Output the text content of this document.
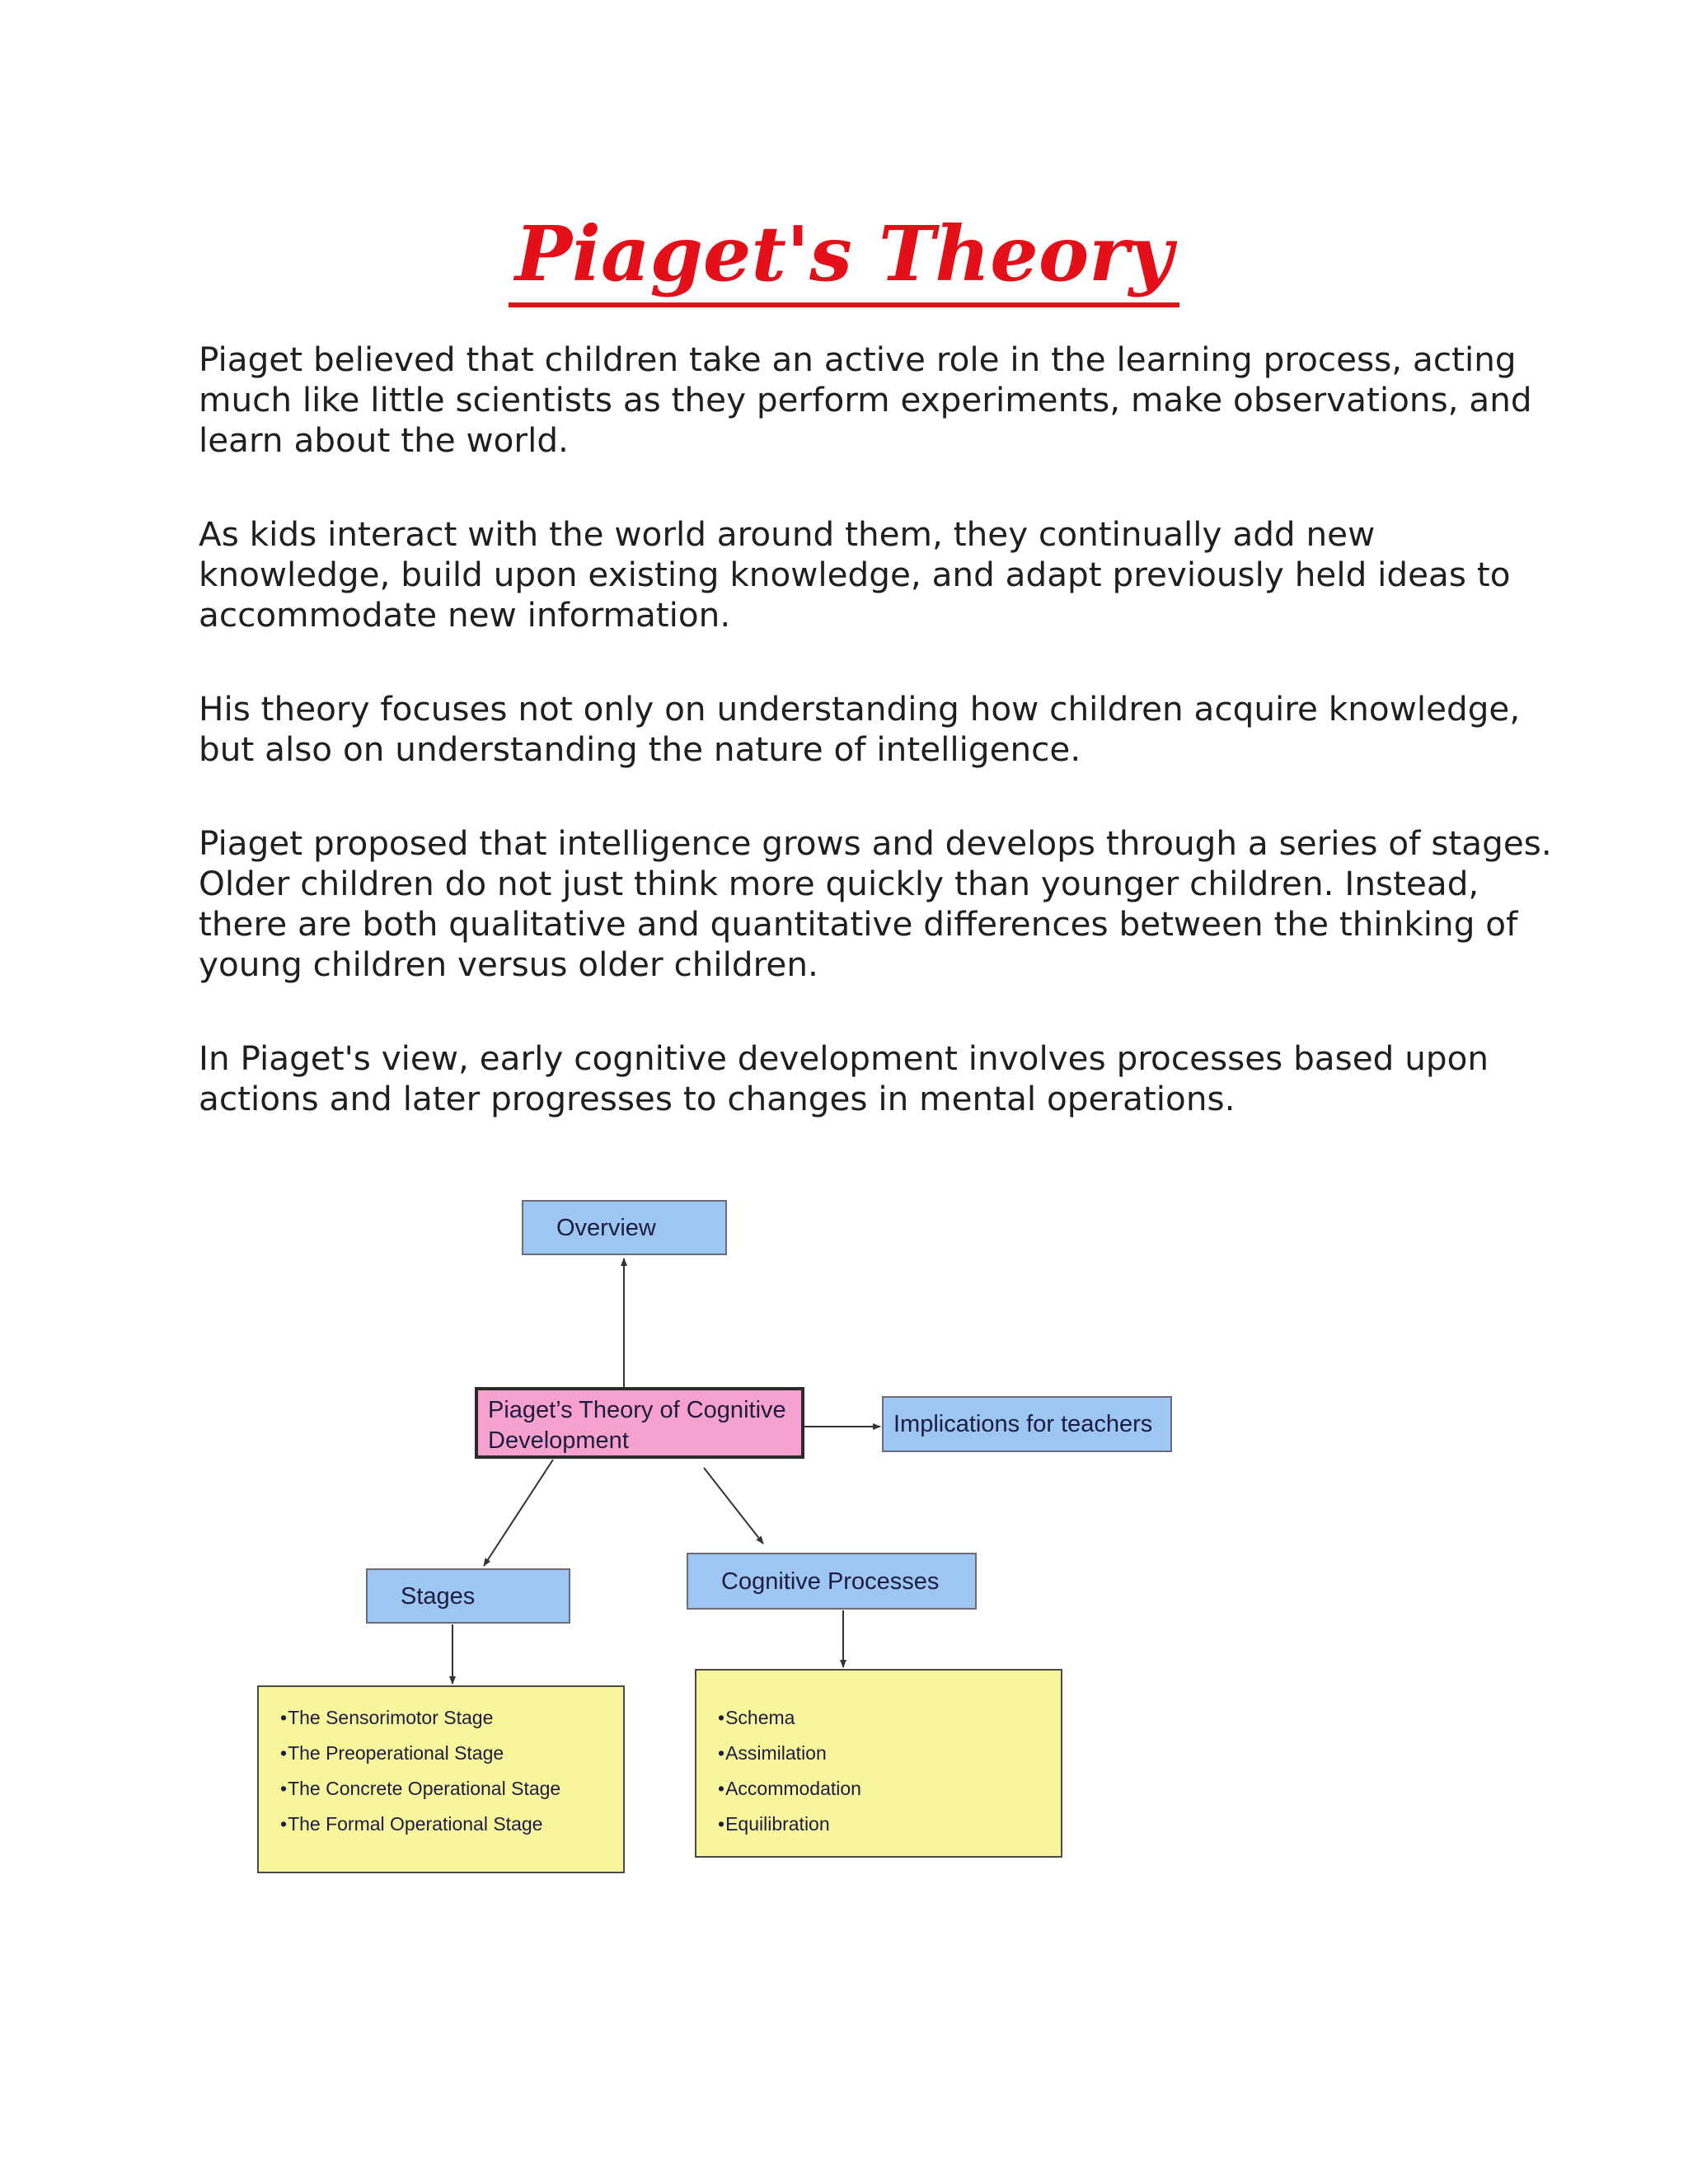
Piaget's Theory

Piaget believed that children take an active role in the learning process, acting much like little scientists as they perform experiments, make observations, and learn about the world.

As kids interact with the world around them, they continually add new knowledge, build upon existing knowledge, and adapt previously held ideas to accommodate new information.

His theory focuses not only on understanding how children acquire knowledge, but also on understanding the nature of intelligence.

Piaget proposed that intelligence grows and develops through a series of stages. Older children do not just think more quickly than younger children. Instead, there are both qualitative and quantitative differences between the thinking of young children versus older children.

In Piaget's view, early cognitive development involves processes based upon actions and later progresses to changes in mental operations.

Overview
Piaget’s Theory of Cognitive Development
Implications for teachers
Stages
Cognitive Processes
• The Sensorimotor Stage
• The Preoperational Stage
• The Concrete Operational Stage
• The Formal Operational Stage
• Schema
• Assimilation
• Accommodation
• Equilibration
